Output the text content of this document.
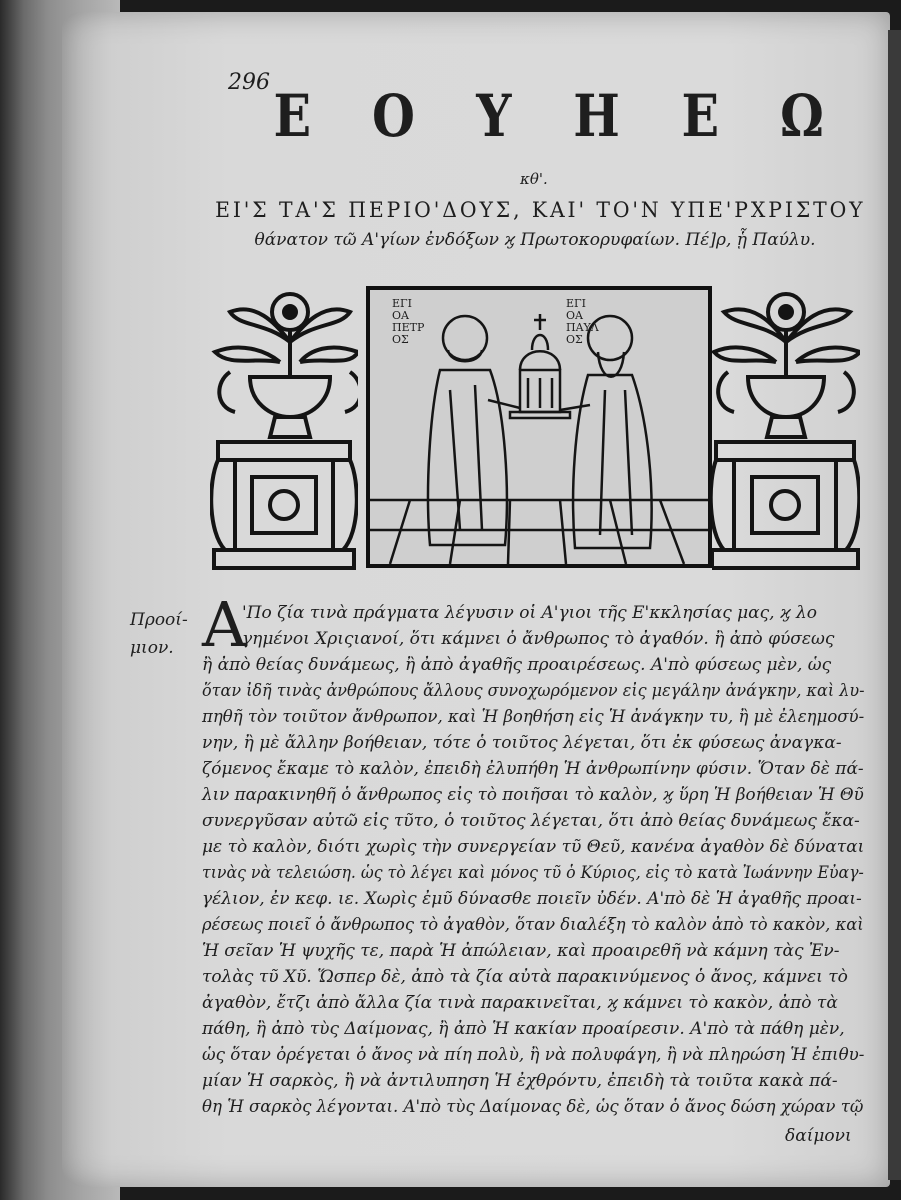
296 Ε Ο Υ Η Ε Ω
κθ'.
ΕΙ'Σ ΤΑ'Σ ΠΕΡΙΟ'ΔΟΥΣ, ΚΑΙ' ΤΟ'Ν ΥΠΕ'ΡΧΡΙΣΤΟΥ
θάνατον τῶ Α'γίων ἐνδόξων ϗ Πρωτοκορυφαίων. Πέ]ρ, ᾗ Παύλυ.
ΕΓΙ
ΟΑ
ΠΕΤΡ
ΟΣ
ΕΓΙ
ΟΑ
ΠΑΥΛ
ΟΣ
Προοί-
μιον. Α
'Πο ζία τινὰ πράγματα λέγυσιν οἱ Α'γιοι τῆς Ε'κκλησίας μας, ϗ λο
γημένοι Χριςιανοί, ὅτι κάμνει ὁ ἄνθρωπος τὸ ἀγαθόν. ἢ ἀπὸ φύσεως
ἢ ἀπὸ θείας δυνάμεως, ἢ ἀπὸ ἀγαθῆς προαιρέσεως. Α'πὸ φύσεως μὲν, ὡς
ὅταν ἰδῆ τινὰς ἀνθρώπους ἄλλους συνοχωρόμενον εἰς μεγάλην ἀνάγκην, καὶ λυ-
πηθῆ τὸν τοιῦτον ἄνθρωπον, καὶ Ἡ βοηθήση εἰς Ἡ ἀνάγκην τυ, ἢ μὲ ἐλεημοσύ-
νην, ἢ μὲ ἄλλην βοήθειαν, τότε ὁ τοιῦτος λέγεται, ὅτι ἐκ φύσεως ἀναγκα-
ζόμενος ἔκαμε τὸ καλὸν, ἐπειδὴ ἐλυπήθη Ἡ ἀνθρωπίνην φύσιν. Ὅταν δὲ πά-
λιν παρακινηθῆ ὁ ἄνθρωπος εἰς τὸ ποιῆσαι τὸ καλὸν, ϗ ὕρη Ἡ βοήθειαν Ἡ Θῦ
συνεργῦσαν αὐτῶ εἰς τῦτο, ὁ τοιῦτος λέγεται, ὅτι ἀπὸ θείας δυνάμεως ἔκα-
με τὸ καλὸν, διότι χωρὶς τὴν συνεργείαν τῦ Θεῦ, κανένα ἀγαθὸν δὲ δύναται
τινὰς νὰ τελειώση. ὡς τὸ λέγει καὶ μόνος τῦ ὁ Κύριος, εἰς τὸ κατὰ Ἰωάννην Εὐαγ-
γέλιον, ἐν κεφ. ιε. Χωρὶς ἐμῦ δύνασθε ποιεῖν ὐδέν. Α'πὸ δὲ Ἡ ἀγαθῆς προαι-
ρέσεως ποιεῖ ὁ ἄνθρωπος τὸ ἀγαθὸν, ὅταν διαλέξη τὸ καλὸν ἀπὸ τὸ κακὸν, καὶ
Ἡ σεῖαν Ἡ ψυχῆς τε, παρὰ Ἡ ἀπώλειαν, καὶ προαιρεθῆ νὰ κάμνη τὰς Ἐν-
τολὰς τῦ Χῦ. Ὥσπερ δὲ, ἀπὸ τὰ ζία αὐτὰ παρακινύμενος ὁ ἄνος, κάμνει τὸ
ἀγαθὸν, ἔτζι ἀπὸ ἄλλα ζία τινὰ παρακινεῖται, ϗ κάμνει τὸ κακὸν, ἀπὸ τὰ
πάθη, ἢ ἀπὸ τὺς Δαίμονας, ἢ ἀπὸ Ἡ κακίαν προαίρεσιν. Α'πὸ τὰ πάθη μὲν,
ὡς ὅταν ὀρέγεται ὁ ἄνος νὰ πίη πολὺ, ἢ νὰ πολυφάγη, ἢ νὰ πληρώση Ἡ ἐπιθυ-
μίαν Ἡ σαρκὸς, ἢ νὰ ἀντιλυπηση Ἡ ἐχθρόντυ, ἐπειδὴ τὰ τοιῦτα κακὰ πά-
θη Ἡ σαρκὸς λέγονται. Α'πὸ τὺς Δαίμονας δὲ, ὡς ὅταν ὁ ἄνος δώση χώραν τῷ
δαίμονι
